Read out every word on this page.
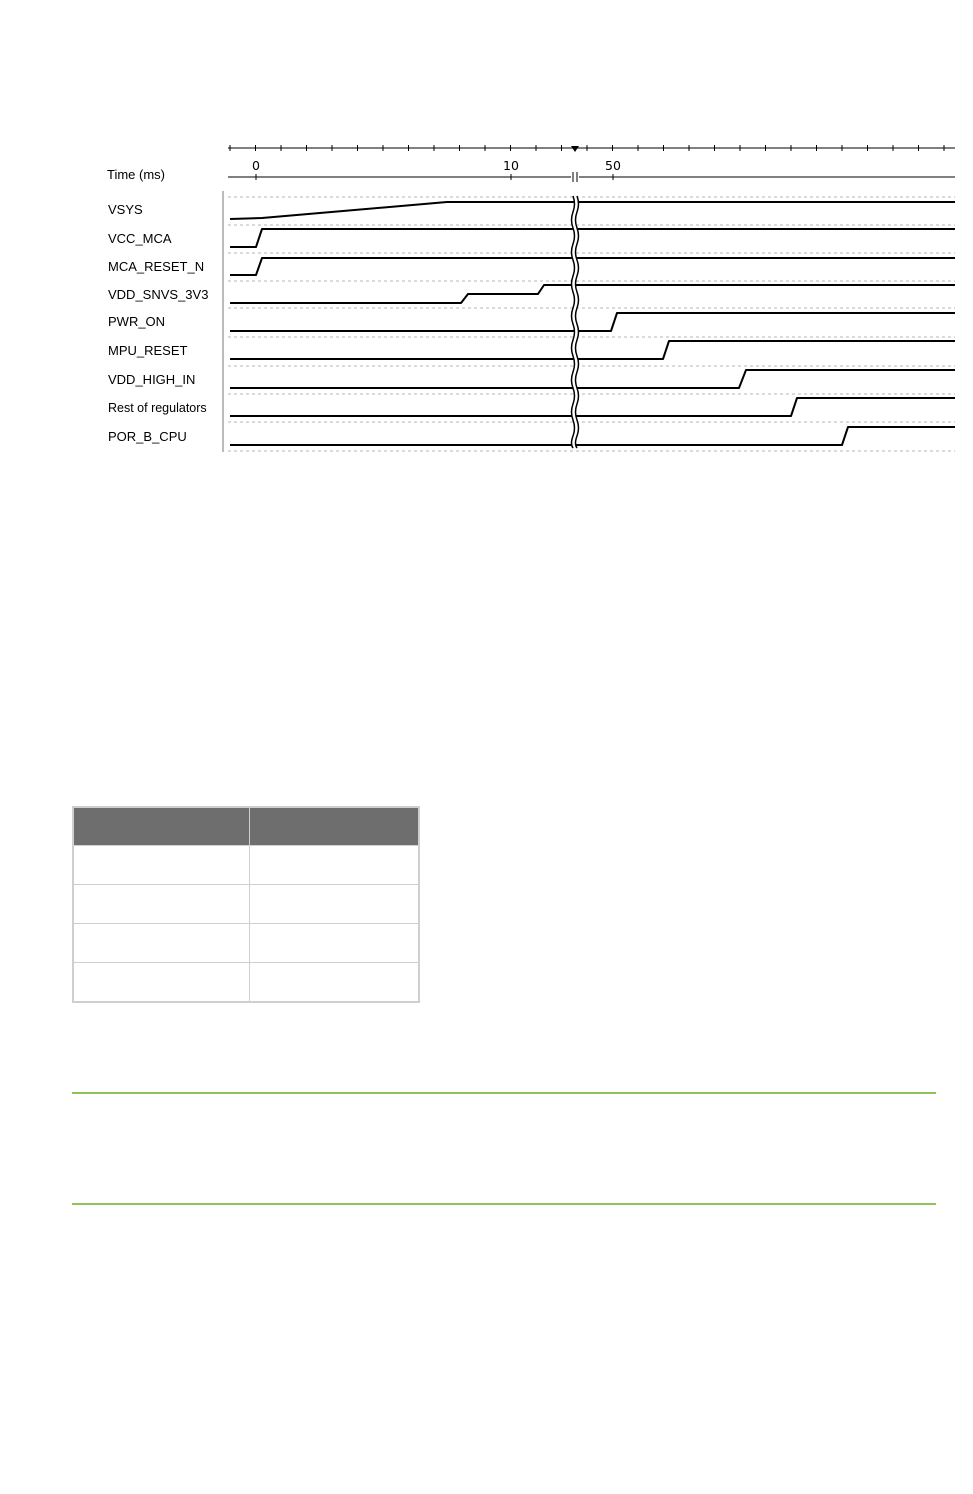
Time (ms)
0	10	50
VSYS
VCC_MCA
MCA_RESET_N
VDD_SNVS_3V3
PWR_ON
MPU_RESET
VDD_HIGH_IN
Rest of regulators
POR_B_CPU
